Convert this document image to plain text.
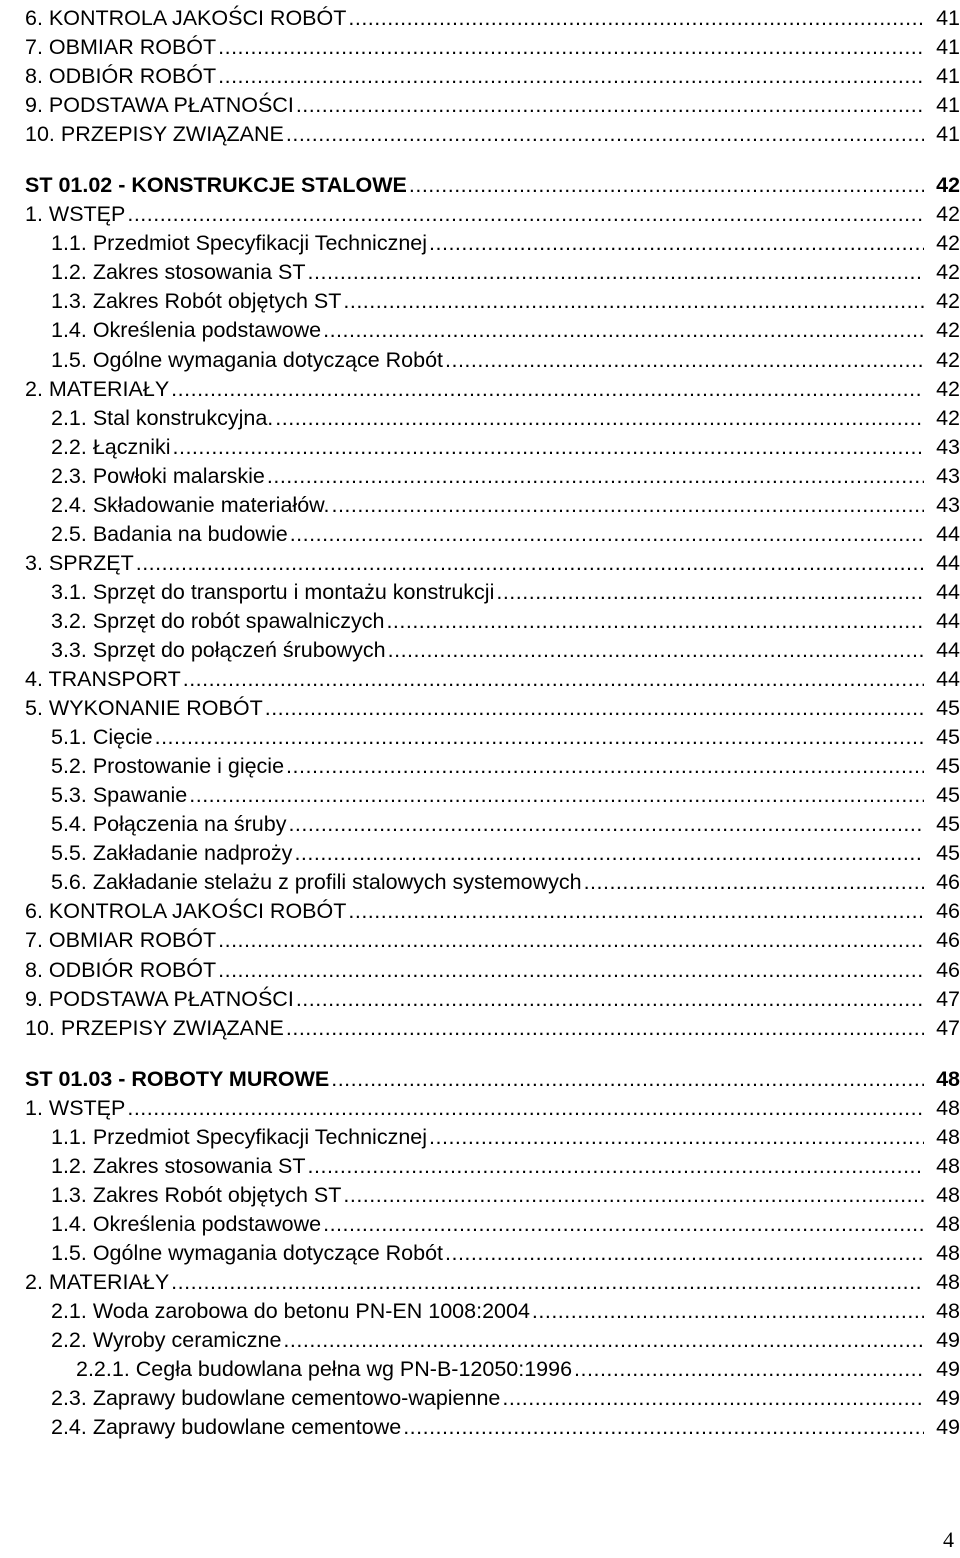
6. KONTROLA JAKOŚCI ROBÓT .....	41
7. OBMIAR ROBÓT .....	41
8. ODBIÓR ROBÓT .....	41
9. PODSTAWA PŁATNOŚCI .....	41
10. PRZEPISY ZWIĄZANE .....	41
ST 01.02 - KONSTRUKCJE STALOWE .....	42
1. WSTĘP .....	42
1.1. Przedmiot Specyfikacji Technicznej .....	42
1.2. Zakres stosowania ST .....	42
1.3. Zakres Robót objętych ST .....	42
1.4. Określenia podstawowe .....	42
1.5. Ogólne wymagania dotyczące Robót .....	42
2. MATERIAŁY .....	42
2.1. Stal konstrukcyjna. .....	42
2.2. Łączniki .....	43
2.3. Powłoki malarskie .....	43
2.4. Składowanie materiałów. .....	43
2.5. Badania na budowie .....	44
3. SPRZĘT .....	44
3.1. Sprzęt do transportu i montażu konstrukcji .....	44
3.2. Sprzęt do robót spawalniczych .....	44
3.3. Sprzęt do połączeń śrubowych .....	44
4. TRANSPORT .....	44
5. WYKONANIE ROBÓT .....	45
5.1. Cięcie .....	45
5.2. Prostowanie i gięcie .....	45
5.3. Spawanie .....	45
5.4. Połączenia na śruby .....	45
5.5. Zakładanie nadproży .....	45
5.6. Zakładanie stelażu z profili stalowych systemowych .....	46
6. KONTROLA JAKOŚCI ROBÓT .....	46
7. OBMIAR ROBÓT .....	46
8. ODBIÓR ROBÓT .....	46
9. PODSTAWA PŁATNOŚCI .....	47
10. PRZEPISY ZWIĄZANE .....	47
ST 01.03 - ROBOTY MUROWE .....	48
1. WSTĘP .....	48
1.1. Przedmiot Specyfikacji Technicznej .....	48
1.2. Zakres stosowania ST .....	48
1.3. Zakres Robót objętych ST .....	48
1.4. Określenia podstawowe .....	48
1.5. Ogólne wymagania dotyczące Robót .....	48
2. MATERIAŁY .....	48
2.1. Woda zarobowa do betonu PN-EN 1008:2004 .....	48
2.2. Wyroby ceramiczne .....	49
2.2.1. Cegła budowlana pełna wg PN-B-12050:1996 .....	49
2.3. Zaprawy budowlane cementowo-wapienne .....	49
2.4. Zaprawy budowlane cementowe .....	49
4
